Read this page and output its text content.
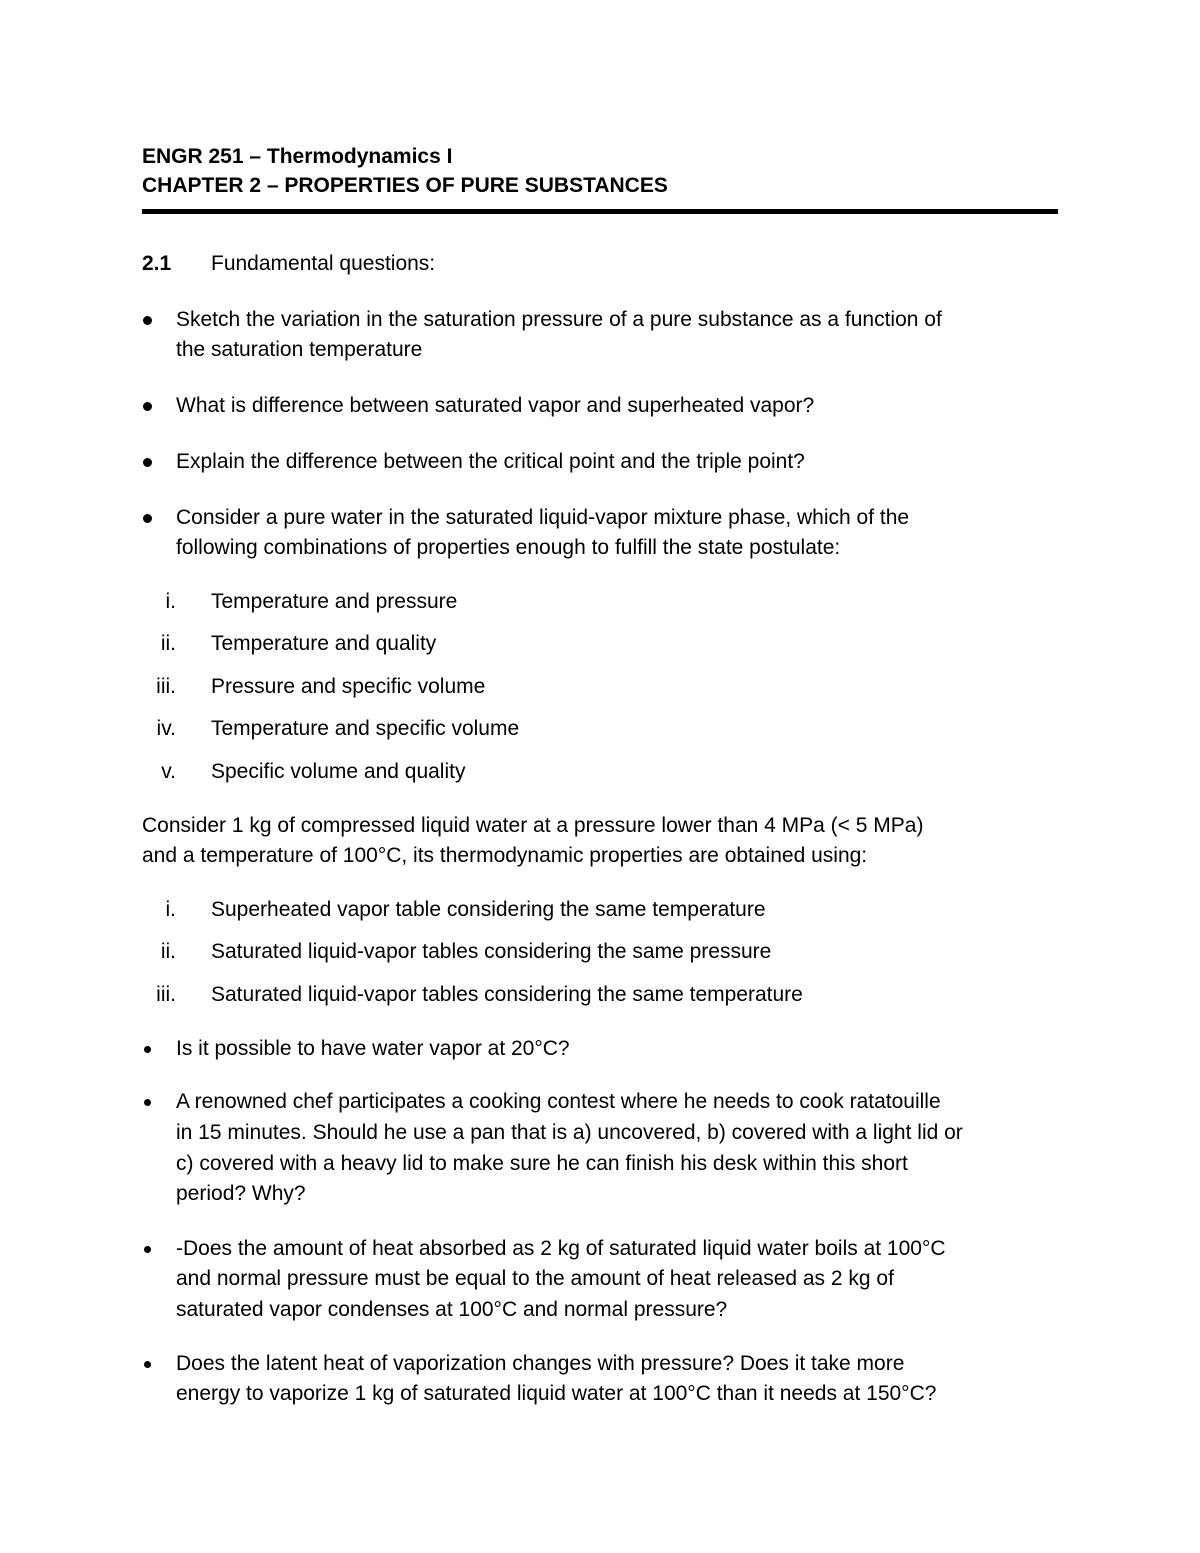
ENGR 251 – Thermodynamics I
CHAPTER 2 – PROPERTIES OF PURE SUBSTANCES
2.1 Fundamental questions:
Sketch the variation in the saturation pressure of a pure substance as a function of
the saturation temperature
What is difference between saturated vapor and superheated vapor?
Explain the difference between the critical point and the triple point?
Consider a pure water in the saturated liquid-vapor mixture phase, which of the
following combinations of properties enough to fulfill the state postulate:
i. Temperature and pressure
ii. Temperature and quality
iii. Pressure and specific volume
iv. Temperature and specific volume
v. Specific volume and quality
Consider 1 kg of compressed liquid water at a pressure lower than 4 MPa (< 5 MPa)
and a temperature of 100°C, its thermodynamic properties are obtained using:
i. Superheated vapor table considering the same temperature
ii. Saturated liquid-vapor tables considering the same pressure
iii. Saturated liquid-vapor tables considering the same temperature
Is it possible to have water vapor at 20°C?
A renowned chef participates a cooking contest where he needs to cook ratatouille
in 15 minutes. Should he use a pan that is a) uncovered, b) covered with a light lid or
c) covered with a heavy lid to make sure he can finish his desk within this short
period? Why?
-Does the amount of heat absorbed as 2 kg of saturated liquid water boils at 100°C
and normal pressure must be equal to the amount of heat released as 2 kg of
saturated vapor condenses at 100°C and normal pressure?
Does the latent heat of vaporization changes with pressure? Does it take more
energy to vaporize 1 kg of saturated liquid water at 100°C than it needs at 150°C?
